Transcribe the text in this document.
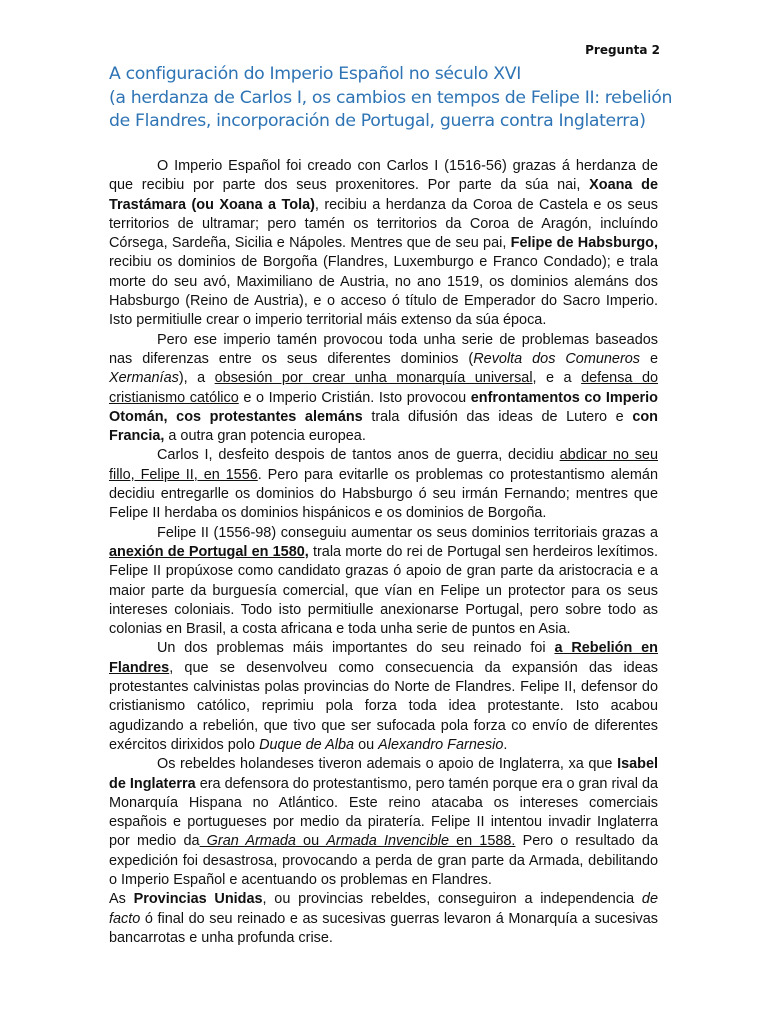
Pregunta 2
A configuración do Imperio Español no século XVI
(a herdanza de Carlos I, os cambios en tempos de Felipe II: rebelión
de Flandres, incorporación de Portugal, guerra contra Inglaterra)

O Imperio Español foi creado con Carlos I (1516-56) grazas á herdanza de que recibiu por parte dos seus proxenitores. Por parte da súa nai, Xoana de Trastámara (ou Xoana a Tola), recibiu a herdanza da Coroa de Castela e os seus territorios de ultramar; pero tamén os territorios da Coroa de Aragón, incluíndo Córsega, Sardeña, Sicilia e Nápoles. Mentres que de seu pai, Felipe de Habsburgo, recibiu os dominios de Borgoña (Flandres, Luxemburgo e Franco Condado); e trala morte do seu avó, Maximiliano de Austria, no ano 1519, os dominios alemáns dos Habsburgo (Reino de Austria), e o acceso ó título de Emperador do Sacro Imperio. Isto permitiulle crear o imperio territorial máis extenso da súa época.

Pero ese imperio tamén provocou toda unha serie de problemas baseados nas diferenzas entre os seus diferentes dominios (Revolta dos Comuneros e Xermanías), a obsesión por crear unha monarquía universal, e a defensa do cristianismo católico e o Imperio Cristián. Isto provocou enfrontamentos co Imperio Otomán, cos protestantes alemáns trala difusión das ideas de Lutero e con Francia, a outra gran potencia europea.

Carlos I, desfeito despois de tantos anos de guerra, decidiu abdicar no seu fillo, Felipe II, en 1556. Pero para evitarlle os problemas co protestantismo alemán decidiu entregarlle os dominios do Habsburgo ó seu irmán Fernando; mentres que Felipe II herdaba os dominios hispánicos e os dominios de Borgoña.

Felipe II (1556-98) conseguiu aumentar os seus dominios territoriais grazas a anexión de Portugal en 1580, trala morte do rei de Portugal sen herdeiros lexítimos. Felipe II propúxose como candidato grazas ó apoio de gran parte da aristocracia e a maior parte da burguesía comercial, que vían en Felipe un protector para os seus intereses coloniais. Todo isto permitiulle anexionarse Portugal, pero sobre todo as colonias en Brasil, a costa africana e toda unha serie de puntos en Asia.

Un dos problemas máis importantes do seu reinado foi a Rebelión en Flandres, que se desenvolveu como consecuencia da expansión das ideas protestantes calvinistas polas provincias do Norte de Flandres. Felipe II, defensor do cristianismo católico, reprimiu pola forza toda idea protestante. Isto acabou agudizando a rebelión, que tivo que ser sufocada pola forza co envío de diferentes exércitos dirixidos polo Duque de Alba ou Alexandro Farnesio.

Os rebeldes holandeses tiveron ademais o apoio de Inglaterra, xa que Isabel de Inglaterra era defensora do protestantismo, pero tamén porque era o gran rival da Monarquía Hispana no Atlántico. Este reino atacaba os intereses comerciais españois e portugueses por medio da piratería. Felipe II intentou invadir Inglaterra por medio da Gran Armada ou Armada Invencible en 1588. Pero o resultado da expedición foi desastrosa, provocando a perda de gran parte da Armada, debilitando o Imperio Español e acentuando os problemas en Flandres.

As Provincias Unidas, ou provincias rebeldes, conseguiron a independencia de facto ó final do seu reinado e as sucesivas guerras levaron á Monarquía a sucesivas bancarrotas e unha profunda crise.
